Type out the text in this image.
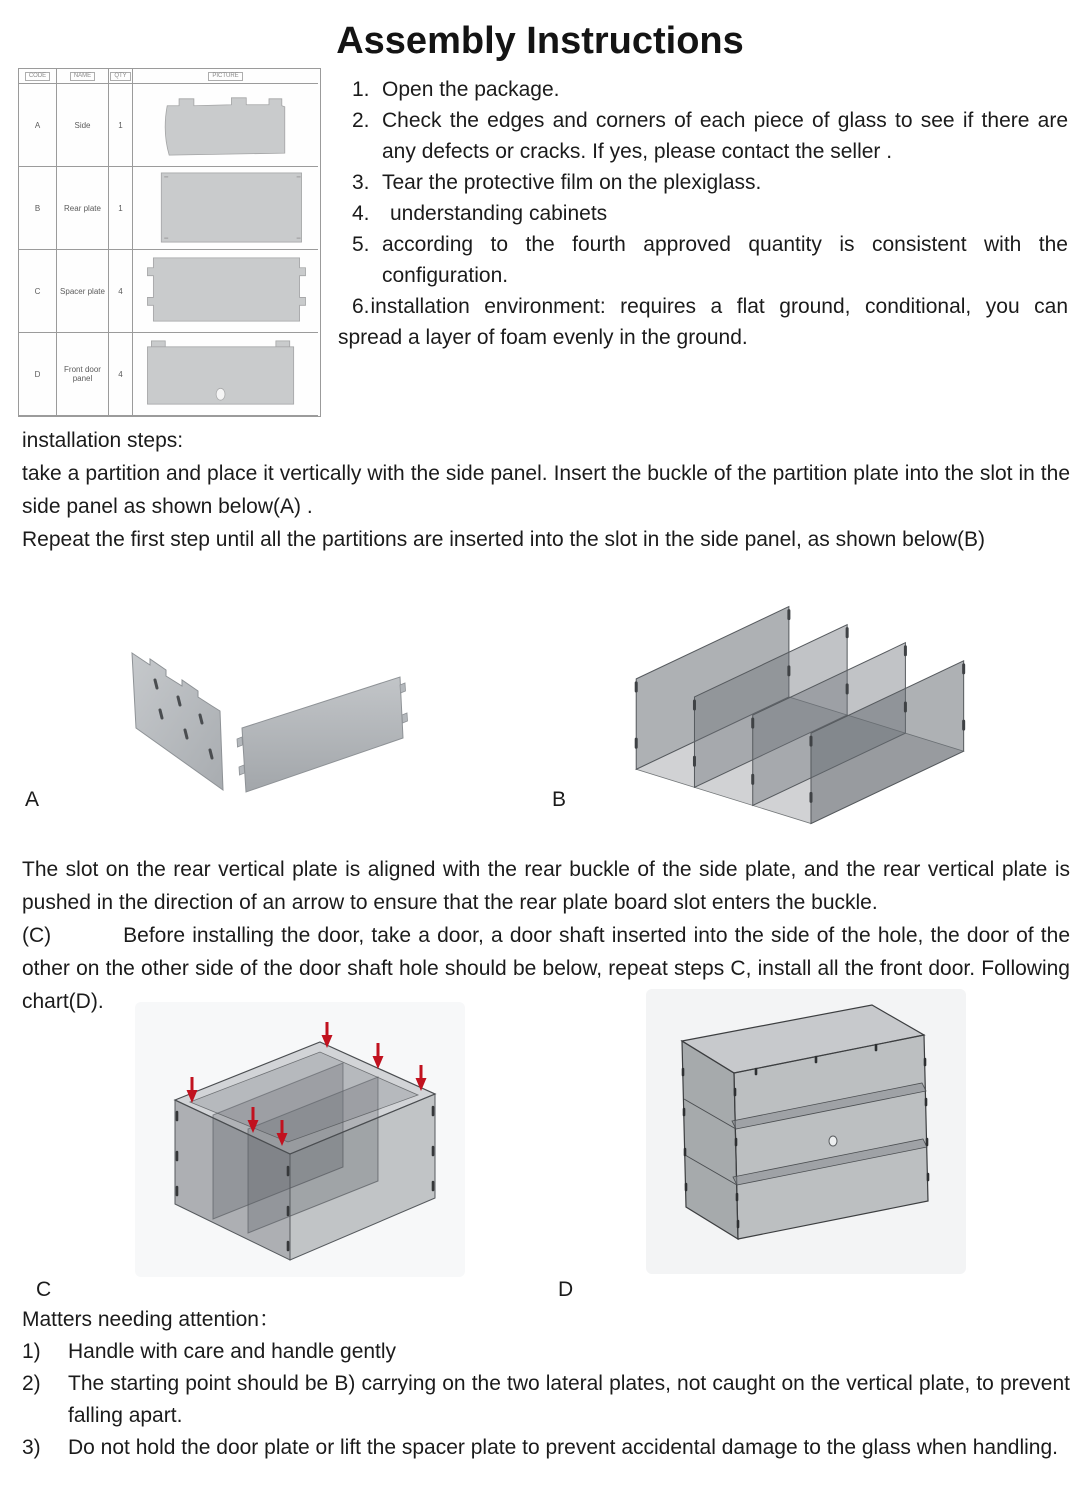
Assembly Instructions
CODE	NAME	QTY	PICTURE
A	Side	1
B	Rear plate	1
C	Spacer plate	4
D	Front door panel	4
1. Open the package.
2. Check the edges and corners of each piece of glass to see if there are any defects or cracks. If yes, please contact the seller .
3. Tear the protective film on the plexiglass.
4. understanding cabinets
5. according to the fourth approved quantity is consistent with the configuration.

6.installation environment: requires a flat ground, conditional, you can spread a layer of foam evenly in the ground.

installation steps:

take a partition and place it vertically with the side panel. Insert the buckle of the partition plate into the slot in the side panel as shown below(A) .

Repeat the first step until all the partitions are inserted into the slot in the side panel, as shown below(B)

A	B

The slot on the rear vertical plate is aligned with the rear buckle of the side plate, and the rear vertical plate is pushed in the direction of an arrow to ensure that the rear plate board slot enters the buckle.
(C)	Before installing the door, take a door, a door shaft inserted into the side of the hole, the door of the other on the other side of the door shaft hole should be below, repeat steps C, install all the front door. Following chart(D).

C	D
Matters needing attention：
1)	Handle with care and handle gently
2)	The starting point should be B) carrying on the two lateral plates, not caught on the vertical plate, to prevent falling apart.
3)	Do not hold the door plate or lift the spacer plate to prevent accidental damage to the glass when handling.
